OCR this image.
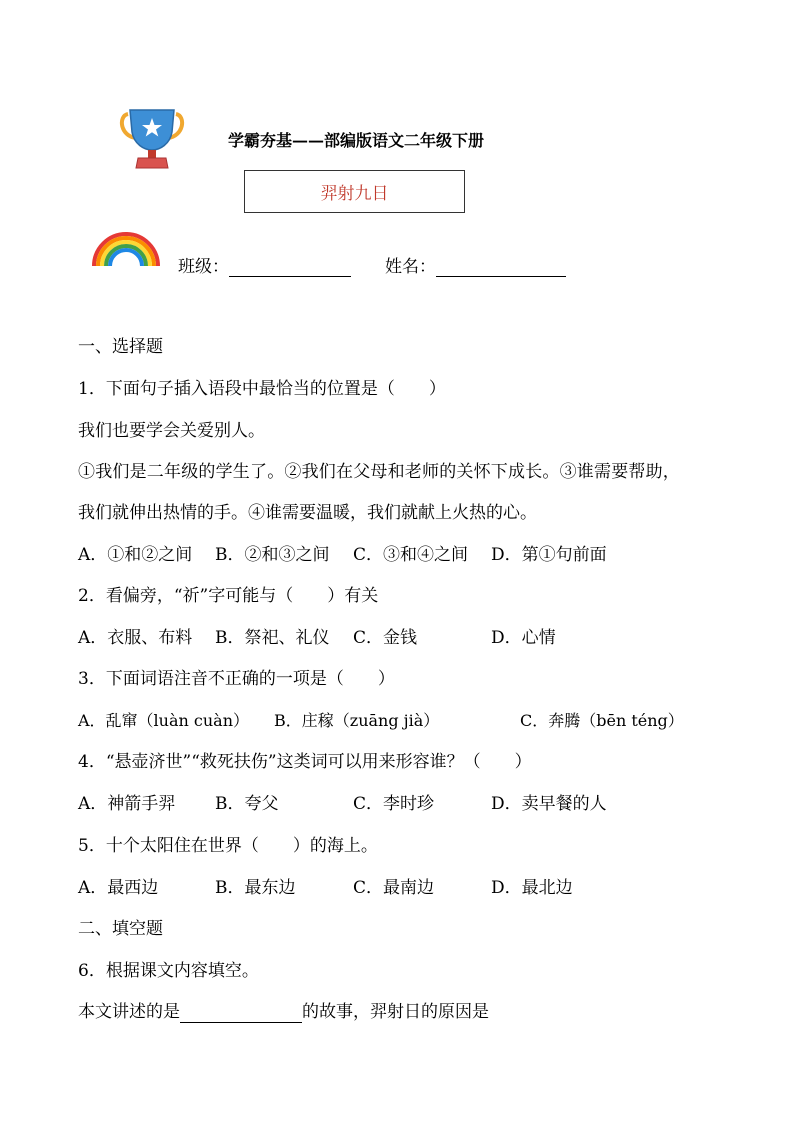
学霸夯基——部编版语文二年级下册
羿射九日
班级：	姓名：
一、选择题
1．下面句子插入语段中最恰当的位置是（　　）
我们也要学会关爱别人。
①我们是二年级的学生了。②我们在父母和老师的关怀下成长。③谁需要帮助，
我们就伸出热情的手。④谁需要温暖，我们就献上火热的心。
A．①和②之间 B．②和③之间 C．③和④之间 D．第①句前面
2．看偏旁，“祈”字可能与（　　）有关
A．衣服、布料 B．祭祀、礼仪 C．金钱	D．心情
3．下面词语注音不正确的一项是（　　）
A．乱窜（luàn cuàn） B．庄稼（zuāng jià）	C．奔腾（bēn téng）
4．“悬壶济世”“救死扶伤”这类词可以用来形容谁？（　　）
A．神箭手羿 B．夸父	C．李时珍	D．卖早餐的人
5．十个太阳住在世界（　　）的海上。
A．最西边	B．最东边	C．最南边	D．最北边
二、填空题
6．根据课文内容填空。
本文讲述的是	的故事，羿射日的原因是
